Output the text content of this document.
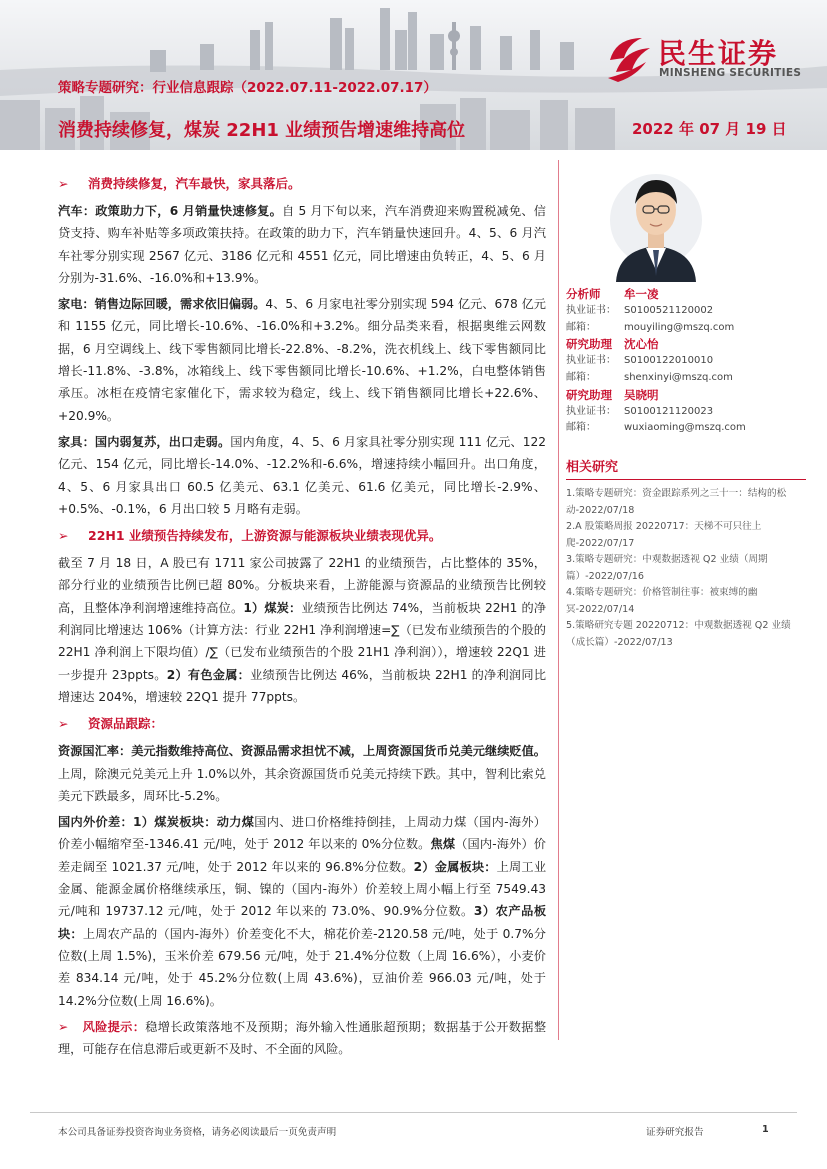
民生证券
MINSHENG SECURITIES
策略专题研究：行业信息跟踪（2022.07.11-2022.07.17）
消费持续修复，煤炭 22H1 业绩预告增速维持高位	2022 年 07 月 19 日
➢ 消费持续修复，汽车最快，家具落后。

汽车：政策助力下，6 月销量快速修复。自 5 月下旬以来，汽车消费迎来购置税减免、信贷支持、购车补贴等多项政策扶持。在政策的助力下，汽车销量快速回升。4、5、6 月汽车社零分别实现 2567 亿元、3186 亿元和 4551 亿元，同比增速由负转正，4、5、6 月分别为-31.6%、-16.0%和+13.9%。

家电：销售边际回暖，需求依旧偏弱。4、5、6 月家电社零分别实现 594 亿元、678 亿元和 1155 亿元，同比增长-10.6%、-16.0%和+3.2%。细分品类来看，根据奥维云网数据，6 月空调线上、线下零售额同比增长-22.8%、-8.2%，洗衣机线上、线下零售额同比增长-11.8%、-3.8%，冰箱线上、线下零售额同比增长-10.6%、+1.2%，白电整体销售承压。冰柜在疫情宅家催化下，需求较为稳定，线上、线下销售额同比增长+22.6%、+20.9%。

家具：国内弱复苏，出口走弱。国内角度，4、5、6 月家具社零分别实现 111 亿元、122 亿元、154 亿元，同比增长-14.0%、-12.2%和-6.6%，增速持续小幅回升。出口角度， 4、5、6 月家具出口 60.5 亿美元、63.1 亿美元、61.6 亿美元，同比增长-2.9%、+0.5%、-0.1%，6 月出口较 5 月略有走弱。

➢ 22H1 业绩预告持续发布，上游资源与能源板块业绩表现优异。

截至 7 月 18 日，A 股已有 1711 家公司披露了 22H1 的业绩预告，占比整体的 35%，部分行业的业绩预告比例已超 80%。分板块来看，上游能源与资源品的业绩预告比例较高，且整体净利润增速维持高位。1）煤炭：业绩预告比例达 74%，当前板块 22H1 的净利润同比增速达 106%（计算方法：行业 22H1 净利润增速=∑（已发布业绩预告的个股的 22H1 净利润上下限均值）/∑（已发布业绩预告的个股 21H1 净利润）），增速较 22Q1 进一步提升 23ppts。2）有色金属：业绩预告比例达 46%，当前板块 22H1 的净利润同比增速达 204%，增速较 22Q1 提升 77ppts。

➢ 资源品跟踪：

资源国汇率：美元指数维持高位、资源品需求担忧不减，上周资源国货币兑美元继续贬值。上周，除澳元兑美元上升 1.0%以外，其余资源国货币兑美元持续下跌。其中，智利比索兑美元下跌最多，周环比-5.2%。

国内外价差：1）煤炭板块：动力煤国内、进口价格维持倒挂，上周动力煤（国内-海外）价差小幅缩窄至-1346.41 元/吨，处于 2012 年以来的 0%分位数。焦煤（国内-海外）价差走阔至 1021.37 元/吨，处于 2012 年以来的 96.8%分位数。2）金属板块：上周工业金属、能源金属价格继续承压，铜、镍的（国内-海外）价差较上周小幅上行至 7549.43 元/吨和 19737.12 元/吨，处于 2012 年以来的 73.0%、90.9%分位数。3）农产品板块：上周农产品的（国内-海外）价差变化不大，棉花价差-2120.58 元/吨，处于 0.7%分位数(上周 1.5%)，玉米价差 679.56 元/吨，处于 21.4%分位数（上周 16.6%），小麦价差 834.14 元/吨，处于 45.2%分位数(上周 43.6%)，豆油价差 966.03 元/吨，处于 14.2%分位数(上周 16.6%)。

➢ 风险提示：稳增长政策落地不及预期；海外输入性通胀超预期；数据基于公开数据整理，可能存在信息滞后或更新不及时、不全面的风险。

分析师	牟一凌
执业证书： S0100521120002
邮箱：	mouyiling@mszq.com
研究助理	沈心怡
执业证书： S0100122010010
邮箱：	shenxinyi@mszq.com
研究助理	吴晓明
执业证书： S0100121120023
邮箱：	wuxiaoming@mszq.com
相关研究
1.策略专题研究：资金跟踪系列之三十一：结构的松动-2022/07/18
2.A 股策略周报 20220717：天梯不可只往上爬-2022/07/17
3.策略专题研究：中观数据透视 Q2 业绩（周期篇）-2022/07/16
4.策略专题研究：价格管制往事：被束缚的幽冥-2022/07/14
5.策略研究专题 20220712：中观数据透视 Q2 业绩（成长篇）-2022/07/13
本公司具备证券投资咨询业务资格，请务必阅读最后一页免责声明	证券研究报告	1
